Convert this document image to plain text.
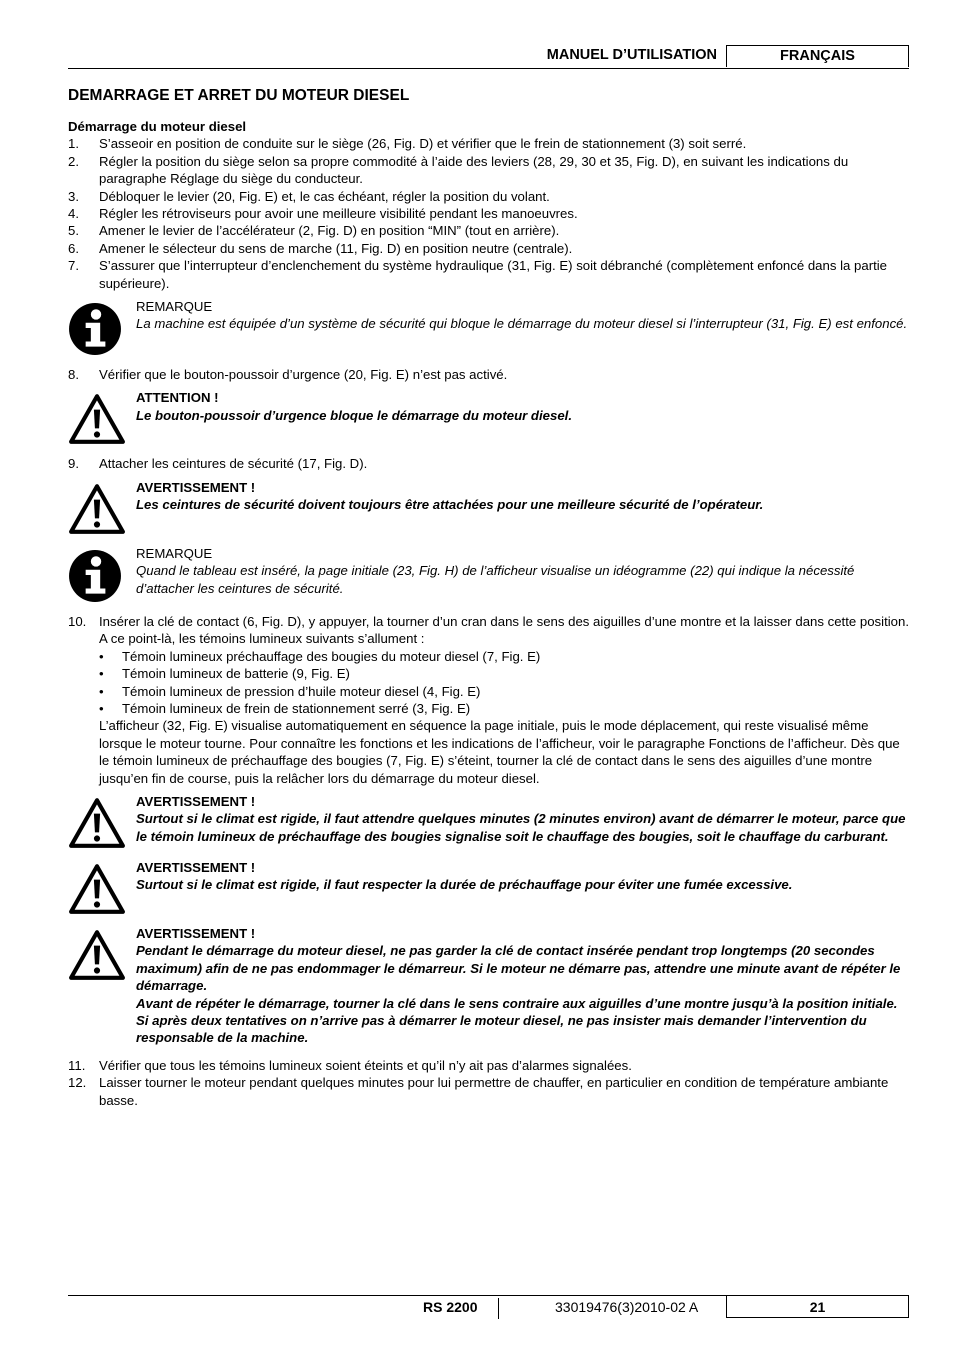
MANUEL D’UTILISATION	FRANÇAIS
DEMARRAGE ET ARRET DU MOTEUR DIESEL
Démarrage du moteur diesel
1.	S’asseoir en position de conduite sur le siège (26, Fig. D) et vérifier que le frein de stationnement (3) soit serré.
2.	Régler la position du siège selon sa propre commodité à l’aide des leviers (28, 29, 30 et 35, Fig. D), en suivant les indications du paragraphe Réglage du siège du conducteur.
3.	Débloquer le levier (20, Fig. E) et, le cas échéant, régler la position du volant.
4.	Régler les rétroviseurs pour avoir une meilleure visibilité pendant les manoeuvres.
5.	Amener le levier de l’accélérateur (2, Fig. D) en position “MIN” (tout en arrière).
6.	Amener le sélecteur du sens de marche (11, Fig. D) en position neutre (centrale).
7.	S’assurer que l’interrupteur d’enclenchement du système hydraulique (31, Fig. E) soit débranché (complètement enfoncé dans la partie supérieure).
REMARQUE
La machine est équipée d’un système de sécurité qui bloque le démarrage du moteur diesel si l’interrupteur (31, Fig. E) est enfoncé.
8.	Vérifier que le bouton-poussoir d’urgence (20, Fig. E) n’est pas activé.
ATTENTION !
Le bouton-poussoir d’urgence bloque le démarrage du moteur diesel.
9.	Attacher les ceintures de sécurité (17, Fig. D).
AVERTISSEMENT !
Les ceintures de sécurité doivent toujours être attachées pour une meilleure sécurité de l’opérateur.
REMARQUE
Quand le tableau est inséré, la page initiale (23, Fig. H) de l’afficheur visualise un idéogramme (22) qui indique la nécessité d’attacher les ceintures de sécurité.
10. Insérer la clé de contact (6, Fig. D), y appuyer, la tourner d’un cran dans le sens des aiguilles d’une montre et la laisser dans cette position. A ce point-là, les témoins lumineux suivants s’allument :
•	Témoin lumineux préchauffage des bougies du moteur diesel (7, Fig. E)
•	Témoin lumineux de batterie (9, Fig. E)
•	Témoin lumineux de pression d’huile moteur diesel (4, Fig. E)
•	Témoin lumineux de frein de stationnement serré (3, Fig. E)
L’afficheur (32, Fig. E) visualise automatiquement en séquence la page initiale, puis le mode déplacement, qui reste visualisé même lorsque le moteur tourne. Pour connaître les fonctions et les indications de l’afficheur, voir le paragraphe Fonctions de l’afficheur. Dès que le témoin lumineux de préchauffage des bougies (7, Fig. E) s’éteint, tourner la clé de contact dans le sens des aiguilles d’une montre jusqu’en fin de course, puis la relâcher lors du démarrage du moteur diesel.
AVERTISSEMENT !
Surtout si le climat est rigide, il faut attendre quelques minutes (2 minutes environ) avant de démarrer le moteur, parce que le témoin lumineux de préchauffage des bougies signalise soit le chauffage des bougies, soit le chauffage du carburant.
AVERTISSEMENT !
Surtout si le climat est rigide, il faut respecter la durée de préchauffage pour éviter une fumée excessive.
AVERTISSEMENT !
Pendant le démarrage du moteur diesel, ne pas garder la clé de contact insérée pendant trop longtemps (20 secondes maximum) afin de ne pas endommager le démarreur. Si le moteur ne démarre pas, attendre une minute avant de répéter le démarrage.
Avant de répéter le démarrage, tourner la clé dans le sens contraire aux aiguilles d’une montre jusqu’à la position initiale.
Si après deux tentatives on n’arrive pas à démarrer le moteur diesel, ne pas insister mais demander l’intervention du responsable de la machine.
11.	Vérifier que tous les témoins lumineux soient éteints et qu’il n’y ait pas d’alarmes signalées.
12. Laisser tourner le moteur pendant quelques minutes pour lui permettre de chauffer, en particulier en condition de température ambiante basse.
RS 2200	33019476(3)2010-02 A	21
